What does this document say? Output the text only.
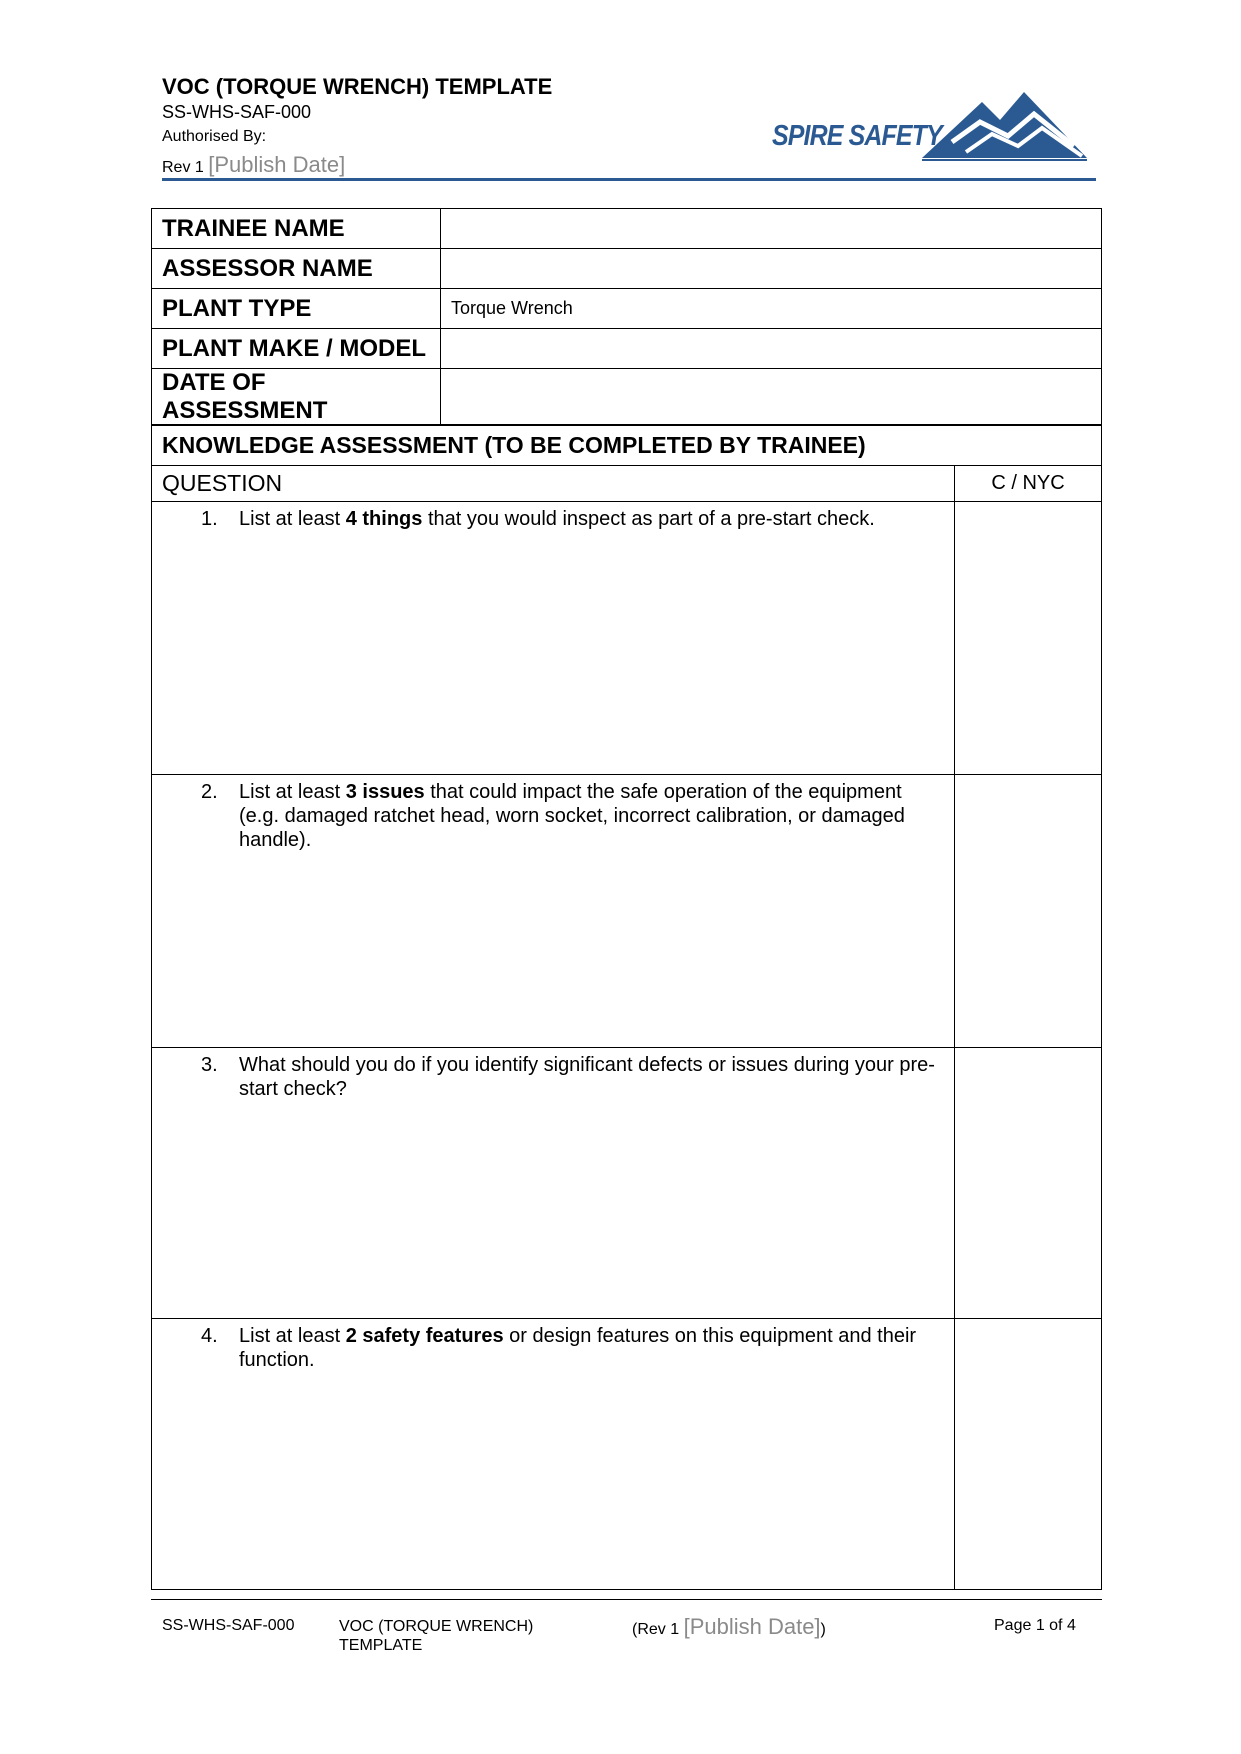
VOC (TORQUE WRENCH) TEMPLATE
SS-WHS-SAF-000
Authorised By:
Rev 1 [Publish Date]
SPIRE SAFETY
TRAINEE NAME	
ASSESSOR NAME	
PLANT TYPE	Torque Wrench
PLANT MAKE / MODEL	
DATE OF ASSESSMENT	
KNOWLEDGE ASSESSMENT (TO BE COMPLETED BY TRAINEE)	
QUESTION	C / NYC

1. List at least 4 things that you would inspect as part of a pre-start check.	

2. List at least 3 issues that could impact the safe operation of the equipment (e.g. damaged ratchet head, worn socket, incorrect calibration, or damaged handle).	

3. What should you do if you identify significant defects or issues during your pre-start check?	

4. List at least 2 safety features or design features on this equipment and their function.	

SS-WHS-SAF-000	VOC (TORQUE WRENCH) TEMPLATE
(Rev 1 [Publish Date])	Page 1 of 4
